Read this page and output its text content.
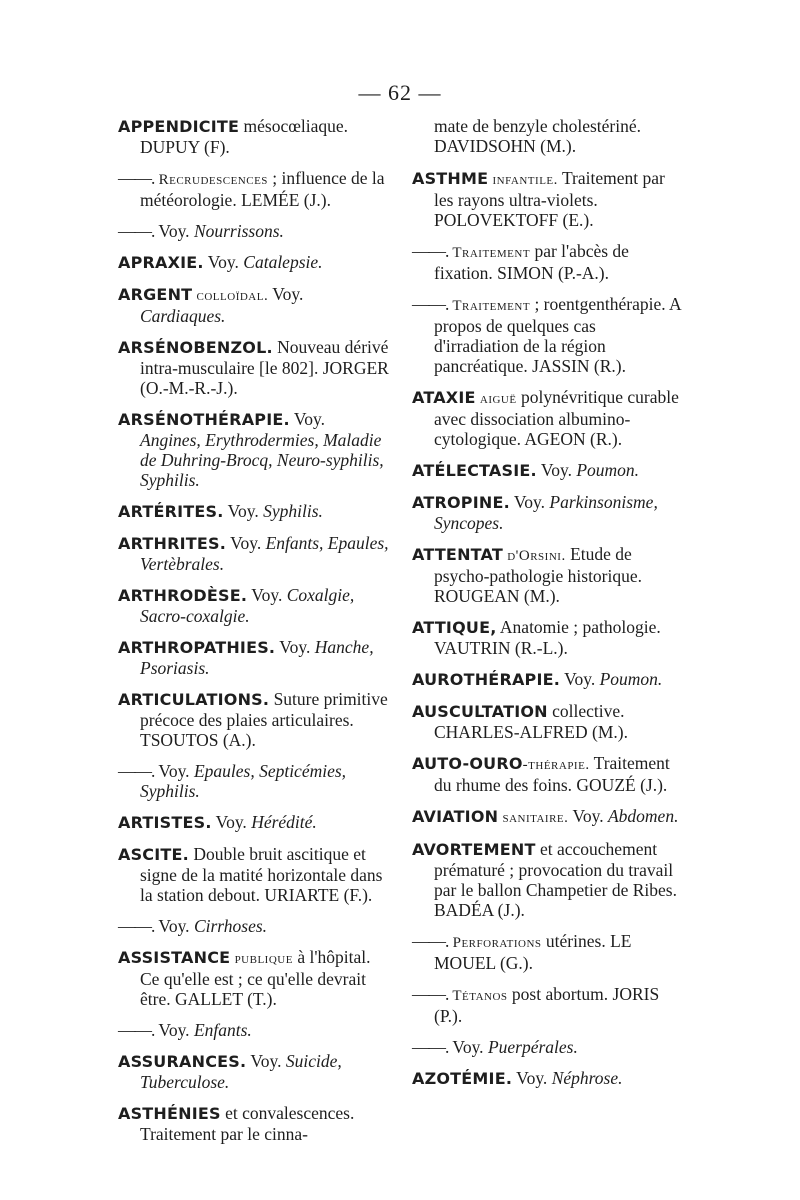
— 62 —
APPENDICITE mésocœliaque. DUPUY (F).
——. Recrudescences ; influence de la météorologie. LEMÉE (J.).
——. Voy. Nourrissons.
APRAXIE. Voy. Catalepsie.
ARGENT colloïdal. Voy. Cardiaques.
ARSÉNOBENZOL. Nouveau dérivé intra-musculaire [le 802]. JORGER (O.-M.-R.-J.).
ARSÉNOTHÉRAPIE. Voy. Angines, Erythrodermies, Maladie de Duhring-Brocq, Neuro-syphilis, Syphilis.
ARTÉRITES. Voy. Syphilis.
ARTHRITES. Voy. Enfants, Epaules, Vertèbrales.
ARTHRODÈSE. Voy. Coxalgie, Sacro-coxalgie.
ARTHROPATHIES. Voy. Hanche, Psoriasis.
ARTICULATIONS. Suture primitive précoce des plaies articulaires. TSOUTOS (A.).
——. Voy. Epaules, Septicémies, Syphilis.
ARTISTES. Voy. Hérédité.
ASCITE. Double bruit ascitique et signe de la matité horizontale dans la station debout. URIARTE (F.).
——. Voy. Cirrhoses.
ASSISTANCE publique à l'hôpital. Ce qu'elle est ; ce qu'elle devrait être. GALLET (T.).
——. Voy. Enfants.
ASSURANCES. Voy. Suicide, Tuberculose.
ASTHÉNIES et convalescences. Traitement par le cinna-
mate de benzyle cholestériné. DAVIDSOHN (M.).
ASTHME infantile. Traitement par les rayons ultra-violets. POLOVEKTOFF (E.).
——. Traitement par l'abcès de fixation. SIMON (P.-A.).
——. Traitement ; roentgenthérapie. A propos de quelques cas d'irradiation de la région pancréatique. JASSIN (R.).
ATAXIE aiguë polynévritique curable avec dissociation albumino-cytologique. AGEON (R.).
ATÉLECTASIE. Voy. Poumon.
ATROPINE. Voy. Parkinsonisme, Syncopes.
ATTENTAT d'Orsini. Etude de psycho-pathologie historique. ROUGEAN (M.).
ATTIQUE, Anatomie ; pathologie. VAUTRIN (R.-L.).
AUROTHÉRAPIE. Voy. Poumon.
AUSCULTATION collective. CHARLES-ALFRED (M.).
AUTO-OURO-thérapie. Traitement du rhume des foins. GOUZÉ (J.).
AVIATION sanitaire. Voy. Abdomen.
AVORTEMENT et accouchement prématuré ; provocation du travail par le ballon Champetier de Ribes. BADÉA (J.).
——. Perforations utérines. LE MOUEL (G.).
——. Tétanos post abortum. JORIS (P.).
——. Voy. Puerpérales.
AZOTÉMIE. Voy. Néphrose.
